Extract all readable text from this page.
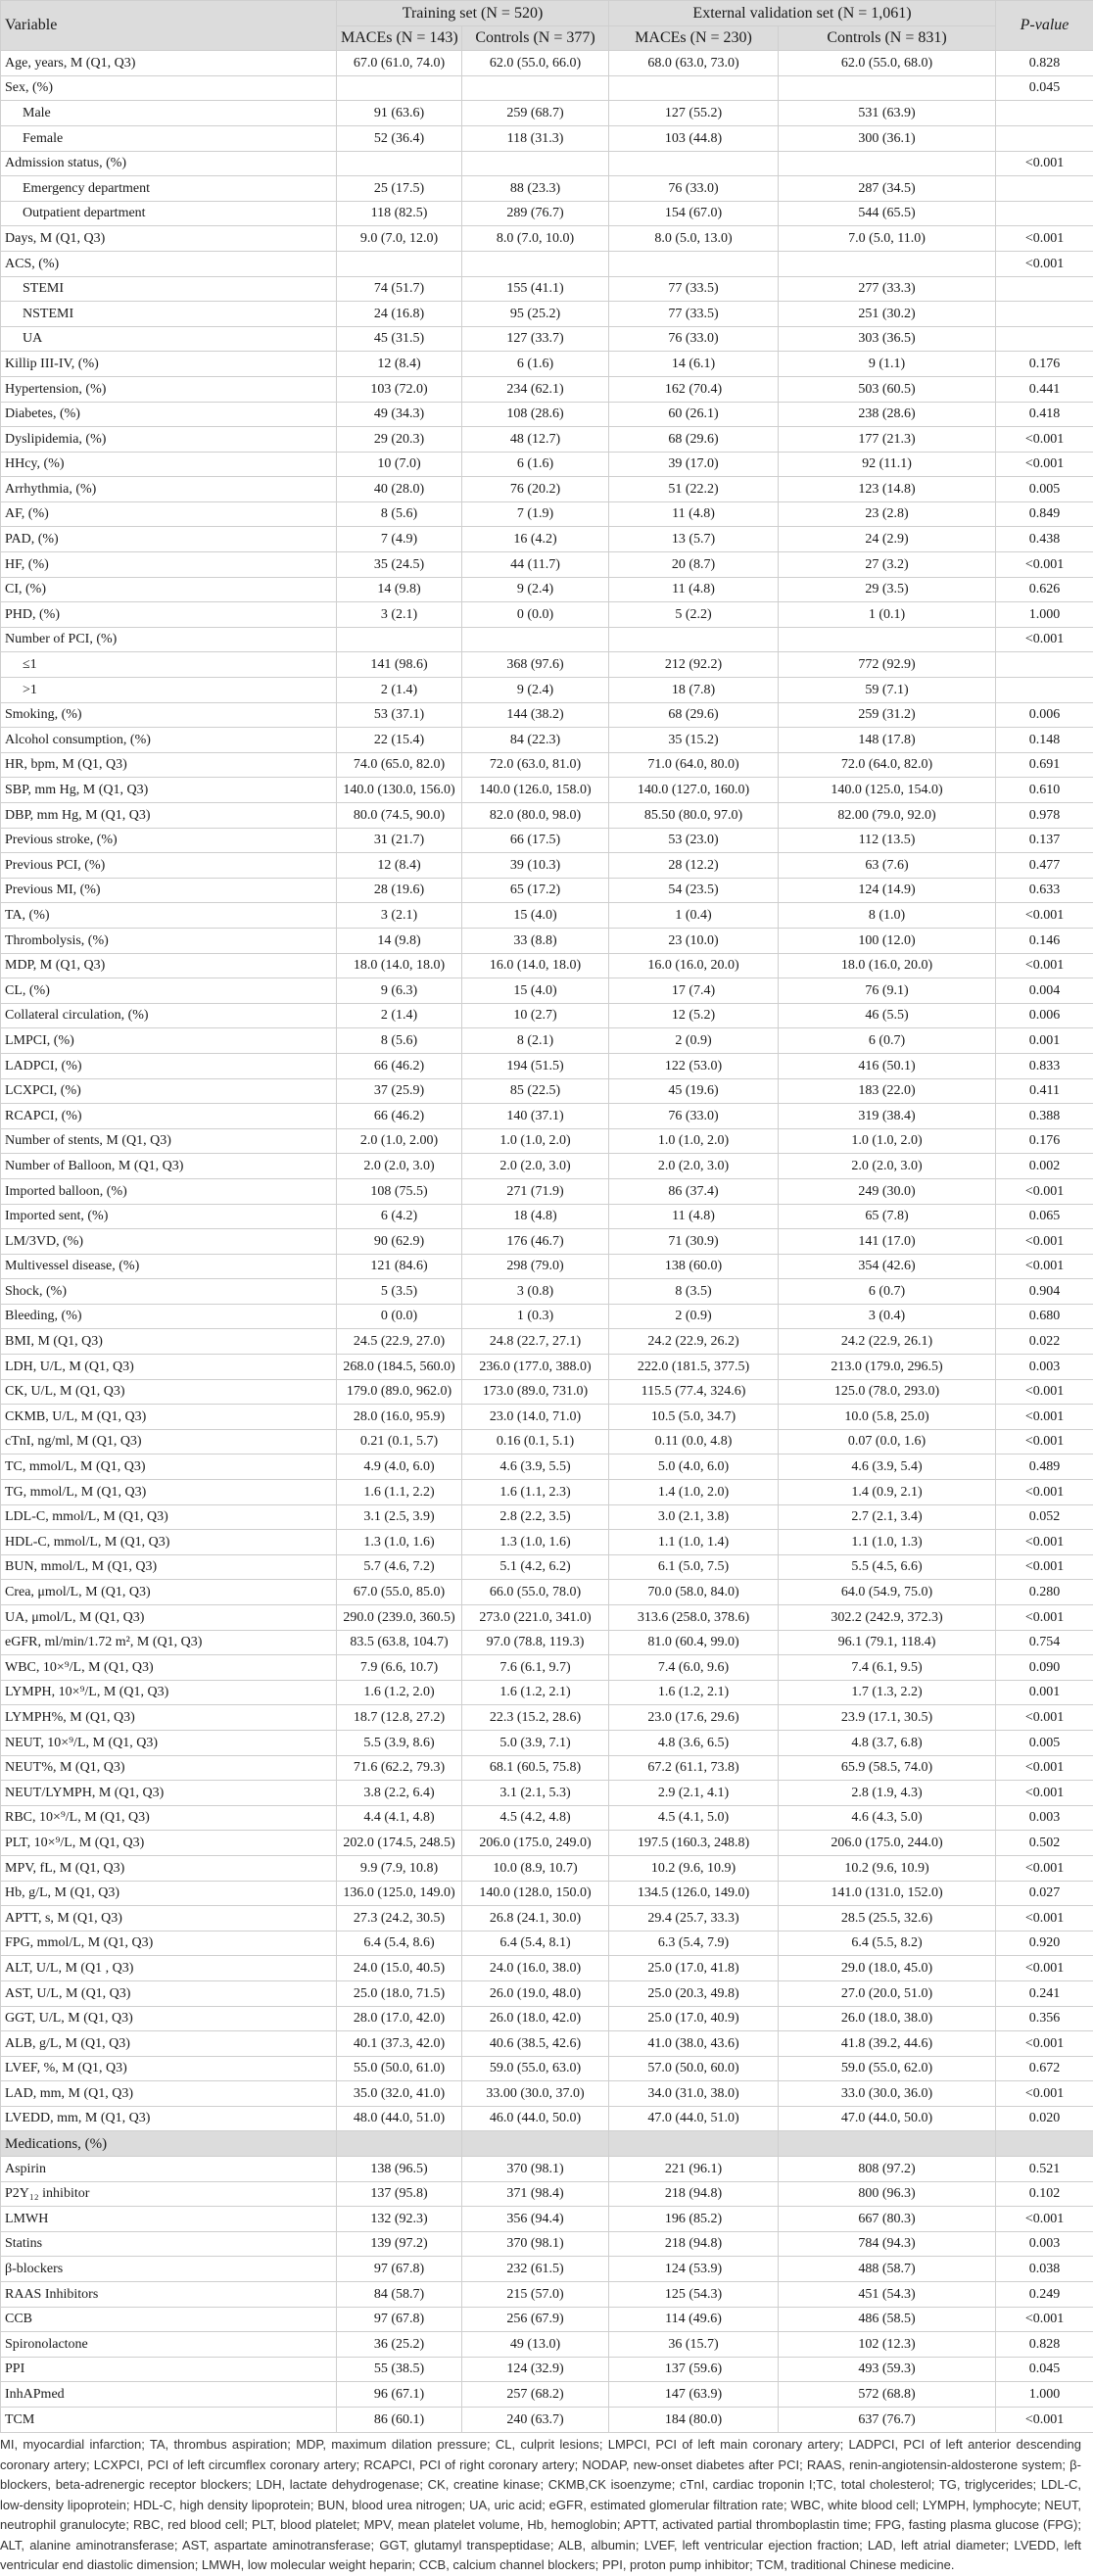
Variable	Training set (N = 520)		External validation set (N = 1,061)		P-value
	MACEs (N = 143)	Controls (N = 377)	MACEs (N = 230)	Controls (N = 831)	
Age, years, M (Q1, Q3)	67.0 (61.0, 74.0)	62.0 (55.0, 66.0)	68.0 (63.0, 73.0)	62.0 (55.0, 68.0)	0.828
Sex, (%)					0.045
Male	91 (63.6)	259 (68.7)	127 (55.2)	531 (63.9)	
Female	52 (36.4)	118 (31.3)	103 (44.8)	300 (36.1)	
Admission status, (%)					<0.001
Emergency department	25 (17.5)	88 (23.3)	76 (33.0)	287 (34.5)	
Outpatient department	118 (82.5)	289 (76.7)	154 (67.0)	544 (65.5)	
Days, M (Q1, Q3)	9.0 (7.0, 12.0)	8.0 (7.0, 10.0)	8.0 (5.0, 13.0)	7.0 (5.0, 11.0)	<0.001
ACS, (%)					<0.001
STEMI	74 (51.7)	155 (41.1)	77 (33.5)	277 (33.3)	
NSTEMI	24 (16.8)	95 (25.2)	77 (33.5)	251 (30.2)	
UA	45 (31.5)	127 (33.7)	76 (33.0)	303 (36.5)	
Killip III-IV, (%)	12 (8.4)	6 (1.6)	14 (6.1)	9 (1.1)	0.176
Hypertension, (%)	103 (72.0)	234 (62.1)	162 (70.4)	503 (60.5)	0.441
Diabetes, (%)	49 (34.3)	108 (28.6)	60 (26.1)	238 (28.6)	0.418
Dyslipidemia, (%)	29 (20.3)	48 (12.7)	68 (29.6)	177 (21.3)	<0.001
HHcy, (%)	10 (7.0)	6 (1.6)	39 (17.0)	92 (11.1)	<0.001
Arrhythmia, (%)	40 (28.0)	76 (20.2)	51 (22.2)	123 (14.8)	0.005
AF, (%)	8 (5.6)	7 (1.9)	11 (4.8)	23 (2.8)	0.849
PAD, (%)	7 (4.9)	16 (4.2)	13 (5.7)	24 (2.9)	0.438
HF, (%)	35 (24.5)	44 (11.7)	20 (8.7)	27 (3.2)	<0.001
CI, (%)	14 (9.8)	9 (2.4)	11 (4.8)	29 (3.5)	0.626
PHD, (%)	3 (2.1)	0 (0.0)	5 (2.2)	1 (0.1)	1.000
Number of PCI, (%)					<0.001
≤1	141 (98.6)	368 (97.6)	212 (92.2)	772 (92.9)	
>1	2 (1.4)	9 (2.4)	18 (7.8)	59 (7.1)	
Smoking, (%)	53 (37.1)	144 (38.2)	68 (29.6)	259 (31.2)	0.006
Alcohol consumption, (%)	22 (15.4)	84 (22.3)	35 (15.2)	148 (17.8)	0.148
HR, bpm, M (Q1, Q3)	74.0 (65.0, 82.0)	72.0 (63.0, 81.0)	71.0 (64.0, 80.0)	72.0 (64.0, 82.0)	0.691
SBP, mm Hg, M (Q1, Q3)	140.0 (130.0, 156.0)	140.0 (126.0, 158.0)	140.0 (127.0, 160.0)	140.0 (125.0, 154.0)	0.610
DBP, mm Hg, M (Q1, Q3)	80.0 (74.5, 90.0)	82.0 (80.0, 98.0)	85.50 (80.0, 97.0)	82.00 (79.0, 92.0)	0.978
Previous stroke, (%)	31 (21.7)	66 (17.5)	53 (23.0)	112 (13.5)	0.137
Previous PCI, (%)	12 (8.4)	39 (10.3)	28 (12.2)	63 (7.6)	0.477
Previous MI, (%)	28 (19.6)	65 (17.2)	54 (23.5)	124 (14.9)	0.633
TA, (%)	3 (2.1)	15 (4.0)	1 (0.4)	8 (1.0)	<0.001
Thrombolysis, (%)	14 (9.8)	33 (8.8)	23 (10.0)	100 (12.0)	0.146
MDP, M (Q1, Q3)	18.0 (14.0, 18.0)	16.0 (14.0, 18.0)	16.0 (16.0, 20.0)	18.0 (16.0, 20.0)	<0.001
CL, (%)	9 (6.3)	15 (4.0)	17 (7.4)	76 (9.1)	0.004
Collateral circulation, (%)	2 (1.4)	10 (2.7)	12 (5.2)	46 (5.5)	0.006
LMPCI, (%)	8 (5.6)	8 (2.1)	2 (0.9)	6 (0.7)	0.001
LADPCI, (%)	66 (46.2)	194 (51.5)	122 (53.0)	416 (50.1)	0.833
LCXPCI, (%)	37 (25.9)	85 (22.5)	45 (19.6)	183 (22.0)	0.411
RCAPCI, (%)	66 (46.2)	140 (37.1)	76 (33.0)	319 (38.4)	0.388
Number of stents, M (Q1, Q3)	2.0 (1.0, 2.00)	1.0 (1.0, 2.0)	1.0 (1.0, 2.0)	1.0 (1.0, 2.0)	0.176
Number of Balloon, M (Q1, Q3)	2.0 (2.0, 3.0)	2.0 (2.0, 3.0)	2.0 (2.0, 3.0)	2.0 (2.0, 3.0)	0.002
Imported balloon, (%)	108 (75.5)	271 (71.9)	86 (37.4)	249 (30.0)	<0.001
Imported sent, (%)	6 (4.2)	18 (4.8)	11 (4.8)	65 (7.8)	0.065
LM/3VD, (%)	90 (62.9)	176 (46.7)	71 (30.9)	141 (17.0)	<0.001
Multivessel disease, (%)	121 (84.6)	298 (79.0)	138 (60.0)	354 (42.6)	<0.001
Shock, (%)	5 (3.5)	3 (0.8)	8 (3.5)	6 (0.7)	0.904
Bleeding, (%)	0 (0.0)	1 (0.3)	2 (0.9)	3 (0.4)	0.680
BMI, M (Q1, Q3)	24.5 (22.9, 27.0)	24.8 (22.7, 27.1)	24.2 (22.9, 26.2)	24.2 (22.9, 26.1)	0.022
LDH, U/L, M (Q1, Q3)	268.0 (184.5, 560.0)	236.0 (177.0, 388.0)	222.0 (181.5, 377.5)	213.0 (179.0, 296.5)	0.003
CK, U/L, M (Q1, Q3)	179.0 (89.0, 962.0)	173.0 (89.0, 731.0)	115.5 (77.4, 324.6)	125.0 (78.0, 293.0)	<0.001
CKMB, U/L, M (Q1, Q3)	28.0 (16.0, 95.9)	23.0 (14.0, 71.0)	10.5 (5.0, 34.7)	10.0 (5.8, 25.0)	<0.001
cTnI, ng/ml, M (Q1, Q3)	0.21 (0.1, 5.7)	0.16 (0.1, 5.1)	0.11 (0.0, 4.8)	0.07 (0.0, 1.6)	<0.001
TC, mmol/L, M (Q1, Q3)	4.9 (4.0, 6.0)	4.6 (3.9, 5.5)	5.0 (4.0, 6.0)	4.6 (3.9, 5.4)	0.489
TG, mmol/L, M (Q1, Q3)	1.6 (1.1, 2.2)	1.6 (1.1, 2.3)	1.4 (1.0, 2.0)	1.4 (0.9, 2.1)	<0.001
LDL-C, mmol/L, M (Q1, Q3)	3.1 (2.5, 3.9)	2.8 (2.2, 3.5)	3.0 (2.1, 3.8)	2.7 (2.1, 3.4)	0.052
HDL-C, mmol/L, M (Q1, Q3)	1.3 (1.0, 1.6)	1.3 (1.0, 1.6)	1.1 (1.0, 1.4)	1.1 (1.0, 1.3)	<0.001
BUN, mmol/L, M (Q1, Q3)	5.7 (4.6, 7.2)	5.1 (4.2, 6.2)	6.1 (5.0, 7.5)	5.5 (4.5, 6.6)	<0.001
Crea, μmol/L, M (Q1, Q3)	67.0 (55.0, 85.0)	66.0 (55.0, 78.0)	70.0 (58.0, 84.0)	64.0 (54.9, 75.0)	0.280
UA, μmol/L, M (Q1, Q3)	290.0 (239.0, 360.5)	273.0 (221.0, 341.0)	313.6 (258.0, 378.6)	302.2 (242.9, 372.3)	<0.001
eGFR, ml/min/1.72 m², M (Q1, Q3)	83.5 (63.8, 104.7)	97.0 (78.8, 119.3)	81.0 (60.4, 99.0)	96.1 (79.1, 118.4)	0.754
WBC, 10×⁹/L, M (Q1, Q3)	7.9 (6.6, 10.7)	7.6 (6.1, 9.7)	7.4 (6.0, 9.6)	7.4 (6.1, 9.5)	0.090
LYMPH, 10×⁹/L, M (Q1, Q3)	1.6 (1.2, 2.0)	1.6 (1.2, 2.1)	1.6 (1.2, 2.1)	1.7 (1.3, 2.2)	0.001
LYMPH%, M (Q1, Q3)	18.7 (12.8, 27.2)	22.3 (15.2, 28.6)	23.0 (17.6, 29.6)	23.9 (17.1, 30.5)	<0.001
NEUT, 10×⁹/L, M (Q1, Q3)	5.5 (3.9, 8.6)	5.0 (3.9, 7.1)	4.8 (3.6, 6.5)	4.8 (3.7, 6.8)	0.005
NEUT%, M (Q1, Q3)	71.6 (62.2, 79.3)	68.1 (60.5, 75.8)	67.2 (61.1, 73.8)	65.9 (58.5, 74.0)	<0.001
NEUT/LYMPH, M (Q1, Q3)	3.8 (2.2, 6.4)	3.1 (2.1, 5.3)	2.9 (2.1, 4.1)	2.8 (1.9, 4.3)	<0.001
RBC, 10×⁹/L, M (Q1, Q3)	4.4 (4.1, 4.8)	4.5 (4.2, 4.8)	4.5 (4.1, 5.0)	4.6 (4.3, 5.0)	0.003
PLT, 10×⁹/L, M (Q1, Q3)	202.0 (174.5, 248.5)	206.0 (175.0, 249.0)	197.5 (160.3, 248.8)	206.0 (175.0, 244.0)	0.502
MPV, fL, M (Q1, Q3)	9.9 (7.9, 10.8)	10.0 (8.9, 10.7)	10.2 (9.6, 10.9)	10.2 (9.6, 10.9)	<0.001
Hb, g/L, M (Q1, Q3)	136.0 (125.0, 149.0)	140.0 (128.0, 150.0)	134.5 (126.0, 149.0)	141.0 (131.0, 152.0)	0.027
APTT, s, M (Q1, Q3)	27.3 (24.2, 30.5)	26.8 (24.1, 30.0)	29.4 (25.7, 33.3)	28.5 (25.5, 32.6)	<0.001
FPG, mmol/L, M (Q1, Q3)	6.4 (5.4, 8.6)	6.4 (5.4, 8.1)	6.3 (5.4, 7.9)	6.4 (5.5, 8.2)	0.920
ALT, U/L, M (Q1 , Q3)	24.0 (15.0, 40.5)	24.0 (16.0, 38.0)	25.0 (17.0, 41.8)	29.0 (18.0, 45.0)	<0.001
AST, U/L, M (Q1, Q3)	25.0 (18.0, 71.5)	26.0 (19.0, 48.0)	25.0 (20.3, 49.8)	27.0 (20.0, 51.0)	0.241
GGT, U/L, M (Q1, Q3)	28.0 (17.0, 42.0)	26.0 (18.0, 42.0)	25.0 (17.0, 40.9)	26.0 (18.0, 38.0)	0.356
ALB, g/L, M (Q1, Q3)	40.1 (37.3, 42.0)	40.6 (38.5, 42.6)	41.0 (38.0, 43.6)	41.8 (39.2, 44.6)	<0.001
LVEF, %, M (Q1, Q3)	55.0 (50.0, 61.0)	59.0 (55.0, 63.0)	57.0 (50.0, 60.0)	59.0 (55.0, 62.0)	0.672
LAD, mm, M (Q1, Q3)	35.0 (32.0, 41.0)	33.00 (30.0, 37.0)	34.0 (31.0, 38.0)	33.0 (30.0, 36.0)	<0.001
LVEDD, mm, M (Q1, Q3)	48.0 (44.0, 51.0)	46.0 (44.0, 50.0)	47.0 (44.0, 51.0)	47.0 (44.0, 50.0)	0.020
Medications, (%)					
Aspirin	138 (96.5)	370 (98.1)	221 (96.1)	808 (97.2)	0.521
P2Y₁₂ inhibitor	137 (95.8)	371 (98.4)	218 (94.8)	800 (96.3)	0.102
LMWH	132 (92.3)	356 (94.4)	196 (85.2)	667 (80.3)	<0.001
Statins	139 (97.2)	370 (98.1)	218 (94.8)	784 (94.3)	0.003
β-blockers	97 (67.8)	232 (61.5)	124 (53.9)	488 (58.7)	0.038
RAAS Inhibitors	84 (58.7)	215 (57.0)	125 (54.3)	451 (54.3)	0.249
CCB	97 (67.8)	256 (67.9)	114 (49.6)	486 (58.5)	<0.001
Spironolactone	36 (25.2)	49 (13.0)	36 (15.7)	102 (12.3)	0.828
PPI	55 (38.5)	124 (32.9)	137 (59.6)	493 (59.3)	0.045
InhAPmed	96 (67.1)	257 (68.2)	147 (63.9)	572 (68.8)	1.000
TCM	86 (60.1)	240 (63.7)	184 (80.0)	637 (76.7)	<0.001

MI, myocardial infarction; TA, thrombus aspiration; MDP, maximum dilation pressure; CL, culprit lesions; LMPCI, PCI of left main coronary artery; LADPCI, PCI of left anterior descending coronary artery; LCXPCI, PCI of left circumflex coronary artery; RCAPCI, PCI of right coronary artery; NODAP, new-onset diabetes after PCI; RAAS, renin-angiotensin-aldosterone system; β-blockers, beta-adrenergic receptor blockers; LDH, lactate dehydrogenase; CK, creatine kinase; CKMB,CK isoenzyme; cTnI, cardiac troponin I;TC, total cholesterol; TG, triglycerides; LDL-C, low-density lipoprotein; HDL-C, high density lipoprotein; BUN, blood urea nitrogen; UA, uric acid; eGFR, estimated glomerular filtration rate; WBC, white blood cell; LYMPH, lymphocyte; NEUT, neutrophil granulocyte; RBC, red blood cell; PLT, blood platelet; MPV, mean platelet volume, Hb, hemoglobin; APTT, activated partial thromboplastin time; FPG, fasting plasma glucose (FPG); ALT, alanine aminotransferase; AST, aspartate aminotransferase; GGT, glutamyl transpeptidase; ALB, albumin; LVEF, left ventricular ejection fraction; LAD, left atrial diameter; LVEDD, left ventricular end diastolic dimension; LMWH, low molecular weight heparin; CCB, calcium channel blockers; PPI, proton pump inhibitor; TCM, traditional Chinese medicine.
